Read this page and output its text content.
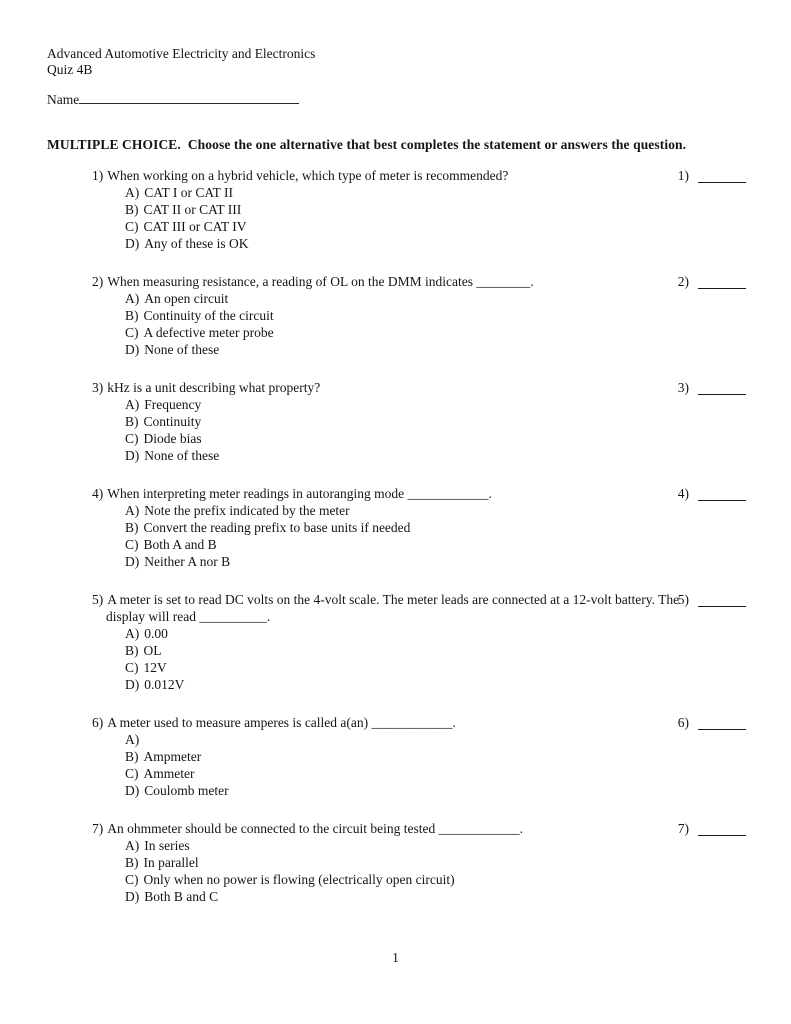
Advanced Automotive Electricity and Electronics
Quiz 4B
Name
MULTIPLE CHOICE.  Choose the one alternative that best completes the statement or answers the question.
1) When working on a hybrid vehicle, which type of meter is recommended?	1)
A) CAT I or CAT II
B) CAT II or CAT III
C) CAT III or CAT IV
D) Any of these is OK
2) When measuring resistance, a reading of OL on the DMM indicates ________.	2)
A) An open circuit
B) Continuity of the circuit
C) A defective meter probe
D) None of these
3) kHz is a unit describing what property?	3)
A) Frequency
B) Continuity
C) Diode bias
D) None of these
4) When interpreting meter readings in autoranging mode ____________.	4)
A) Note the prefix indicated by the meter
B) Convert the reading prefix to base units if needed
C) Both A and B
D) Neither A nor B
5) A meter is set to read DC volts on the 4-volt scale. The meter leads are connected at a 12-volt battery. The display will read __________.
5)
A) 0.00
B) OL
C) 12V
D) 0.012V
6) A meter used to measure amperes is called a(an) ____________.	6)
A)
B) Ampmeter
C) Ammeter
D) Coulomb meter
7) An ohmmeter should be connected to the circuit being tested ____________.	7)
A) In series
B) In parallel
C) Only when no power is flowing (electrically open circuit)
D) Both B and C
1
